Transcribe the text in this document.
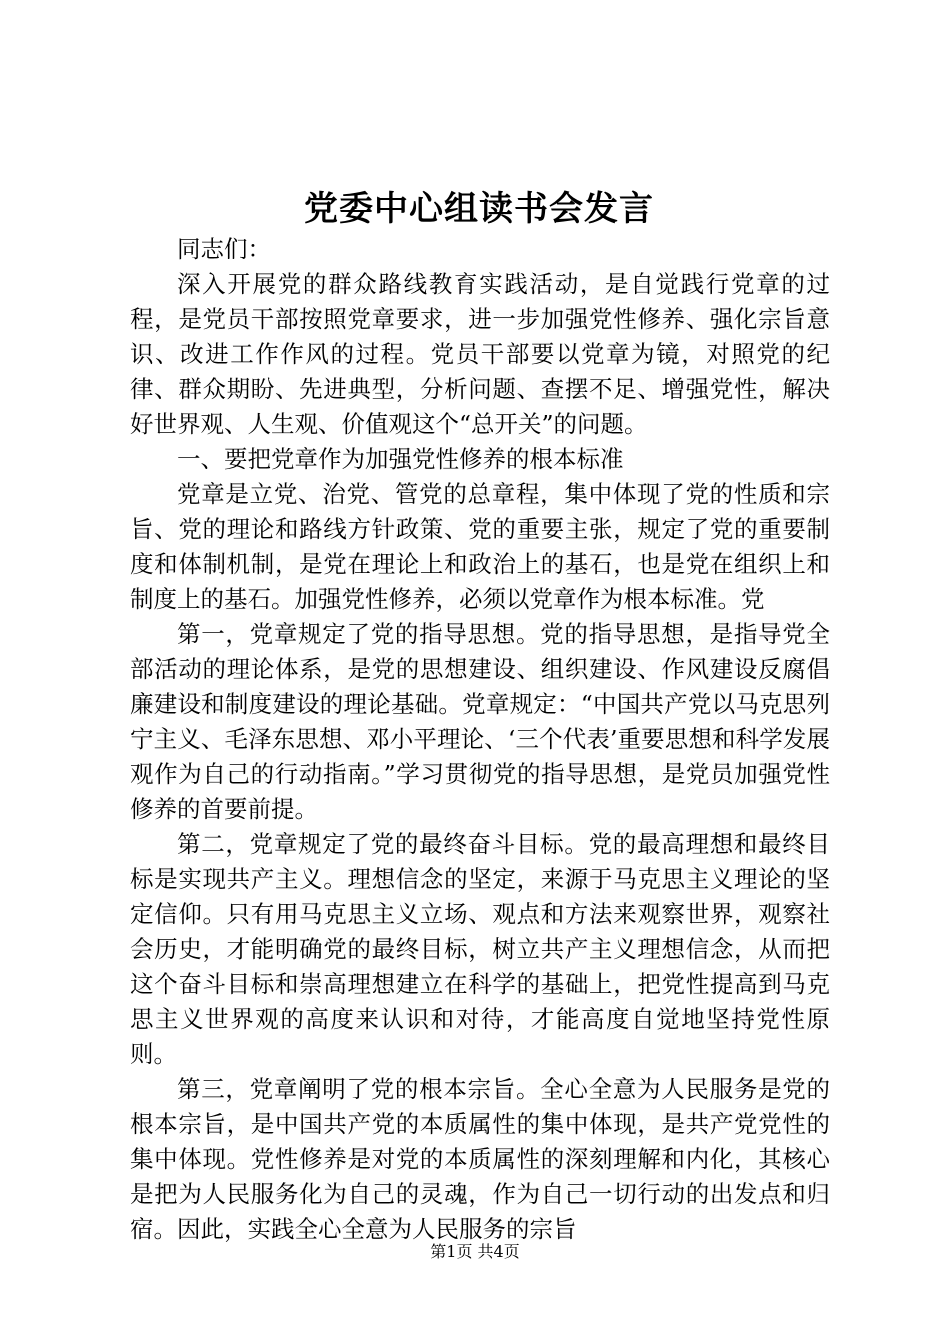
党委中心组读书会发言

同志们：

深入开展党的群众路线教育实践活动，是自觉践行党章的过程，是党员干部按照党章要求，进一步加强党性修养、强化宗旨意识、改进工作作风的过程。党员干部要以党章为镜，对照党的纪律、群众期盼、先进典型，分析问题、查摆不足、增强党性，解决好世界观、人生观、价值观这个“总开关”的问题。

一、要把党章作为加强党性修养的根本标准

党章是立党、治党、管党的总章程，集中体现了党的性质和宗旨、党的理论和路线方针政策、党的重要主张，规定了党的重要制度和体制机制，是党在理论上和政治上的基石，也是党在组织上和制度上的基石。加强党性修养，必须以党章作为根本标准。党

第一，党章规定了党的指导思想。党的指导思想，是指导党全部活动的理论体系，是党的思想建设、组织建设、作风建设反腐倡廉建设和制度建设的理论基础。党章规定：“中国共产党以马克思列宁主义、毛泽东思想、邓小平理论、‘三个代表’重要思想和科学发展观作为自己的行动指南。”学习贯彻党的指导思想，是党员加强党性修养的首要前提。

第二，党章规定了党的最终奋斗目标。党的最高理想和最终目标是实现共产主义。理想信念的坚定，来源于马克思主义理论的坚定信仰。只有用马克思主义立场、观点和方法来观察世界，观察社会历史，才能明确党的最终目标，树立共产主义理想信念，从而把这个奋斗目标和崇高理想建立在科学的基础上，把党性提高到马克思主义世界观的高度来认识和对待，才能高度自觉地坚持党性原则。

第三，党章阐明了党的根本宗旨。全心全意为人民服务是党的根本宗旨，是中国共产党的本质属性的集中体现，是共产党党性的集中体现。党性修养是对党的本质属性的深刻理解和内化，其核心是把为人民服务化为自己的灵魂，作为自己一切行动的出发点和归宿。因此，实践全心全意为人民服务的宗旨

第1页 共4页
